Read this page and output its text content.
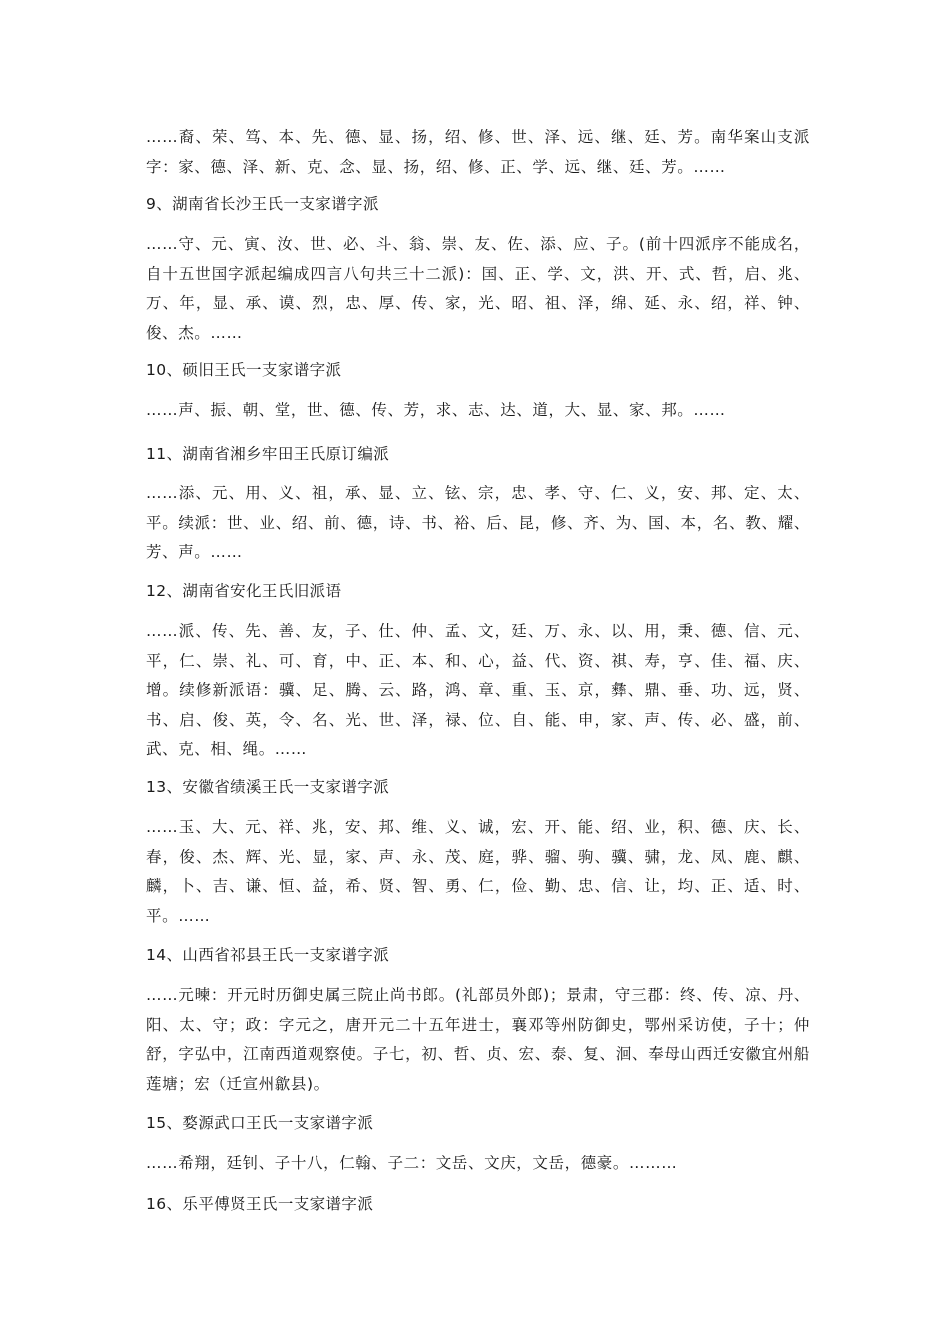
……裔、荣、笃、本、先、德、显、扬，绍、修、世、泽、远、继、廷、芳。南华案山支派字：家、德、泽、新、克、念、显、扬，绍、修、正、学、远、继、廷、芳。……
9、湖南省长沙王氏一支家谱字派
……守、元、寅、汝、世、必、斗、翁、崇、友、佐、添、应、子。(前十四派序不能成名，自十五世国字派起编成四言八句共三十二派)：国、正、学、文，洪、开、式、哲，启、兆、万、年，显、承、谟、烈，忠、厚、传、家，光、昭、祖、泽，绵、延、永、绍，祥、钟、俊、杰。……
10、硕旧王氏一支家谱字派
……声、振、朝、堂，世、德、传、芳，求、志、达、道，大、显、家、邦。……
11、湖南省湘乡牢田王氏原订编派
……添、元、用、义、祖，承、显、立、铉、宗，忠、孝、守、仁、义，安、邦、定、太、平。续派：世、业、绍、前、德，诗、书、裕、后、昆，修、齐、为、国、本，名、教、耀、芳、声。……
12、湖南省安化王氏旧派语
……派、传、先、善、友，子、仕、仲、孟、文，廷、万、永、以、用，秉、德、信、元、平，仁、崇、礼、可、育，中、正、本、和、心，益、代、资、祺、寿，亨、佳、福、庆、增。续修新派语：骥、足、腾、云、路，鸿、章、重、玉、京，彝、鼎、垂、功、远，贤、书、启、俊、英，令、名、光、世、泽，禄、位、自、能、申，家、声、传、必、盛，前、武、克、相、绳。……
13、安徽省绩溪王氏一支家谱字派
……玉、大、元、祥、兆，安、邦、维、义、诚，宏、开、能、绍、业，积、德、庆、长、春，俊、杰、辉、光、显，家、声、永、茂、庭，骅、骝、驹、骥、骕，龙、凤、鹿、麒、麟，卜、吉、谦、恒、益，希、贤、智、勇、仁，俭、勤、忠、信、让，均、正、适、时、平。……
14、山西省祁县王氏一支家谱字派
……元暕：开元时历御史属三院止尚书郎。(礼部员外郎)；景肃，守三郡：终、传、凉、丹、阳、太、守；政：字元之，唐开元二十五年进士，襄邓等州防御史，鄂州采访使，子十；仲舒，字弘中，江南西道观察使。子七，初、哲、贞、宏、泰、复、洄、奉母山西迁安徽宜州船莲塘；宏（迁宣州歙县)。
15、婺源武口王氏一支家谱字派
……希翔，廷钊、子十八，仁翰、子二：文岳、文庆，文岳，德豪。………
16、乐平傅贤王氏一支家谱字派
